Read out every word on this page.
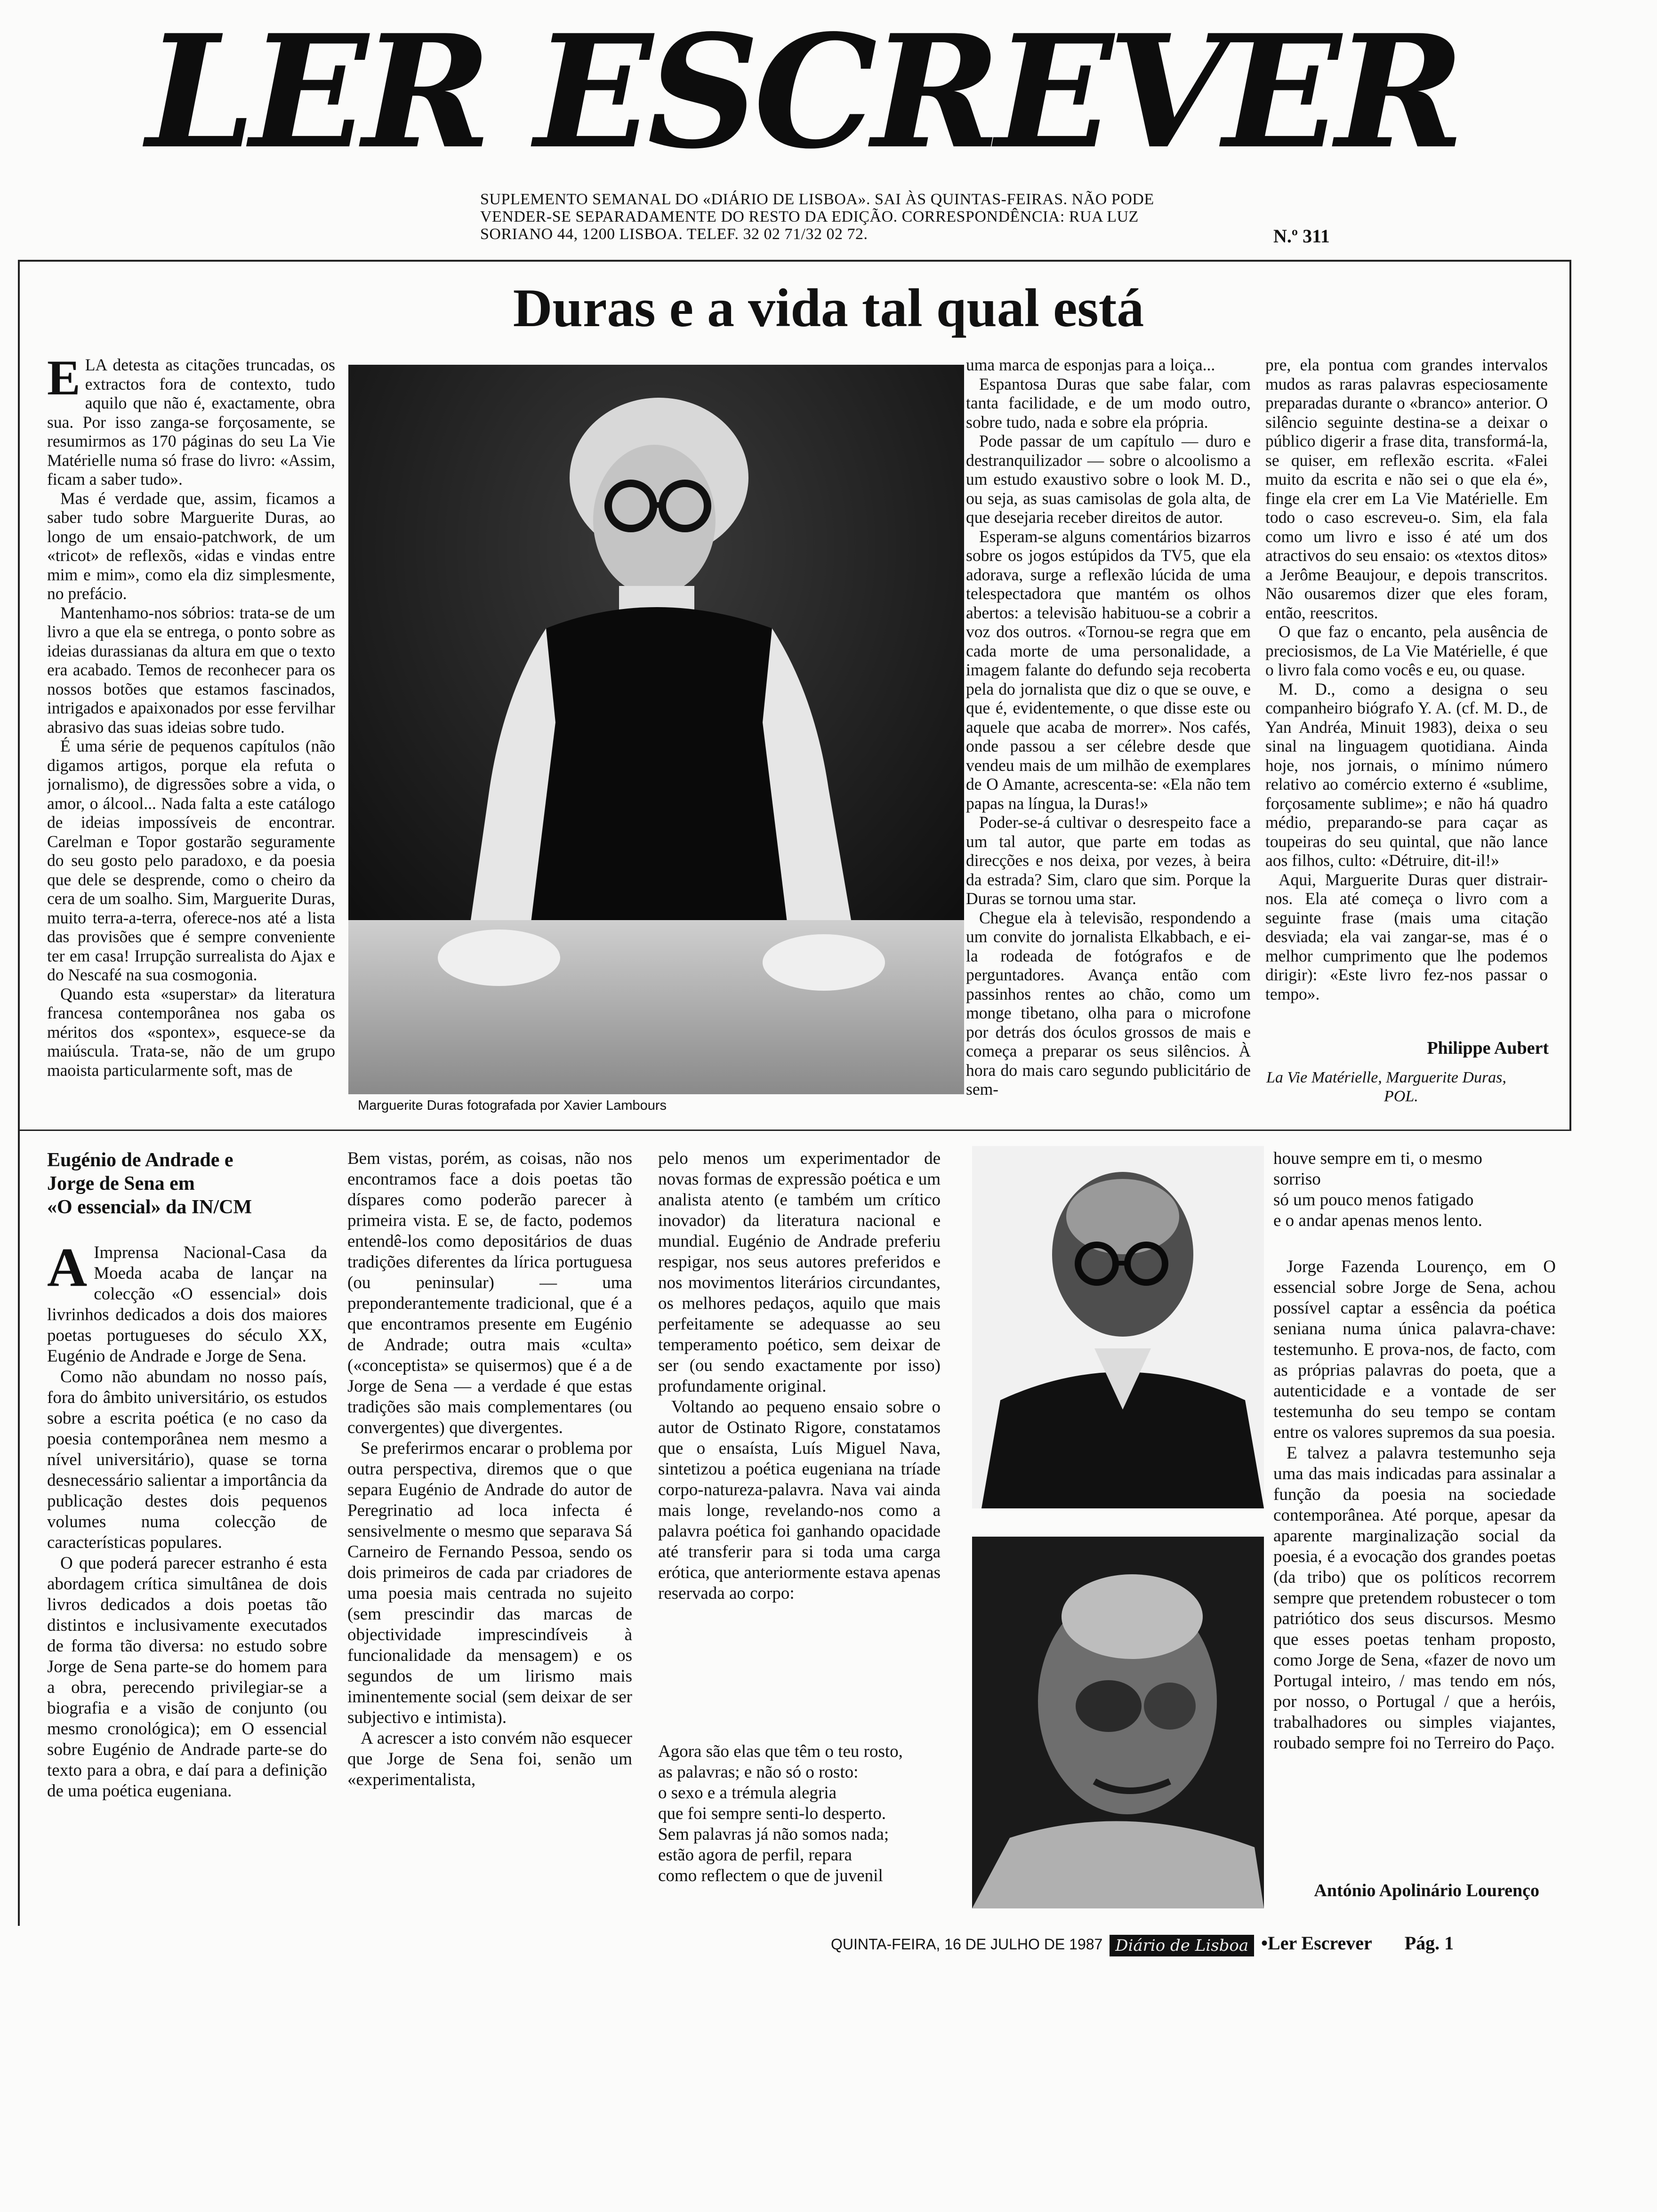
LER ESCREVER
SUPLEMENTO SEMANAL DO «DIÁRIO DE LISBOA». SAI ÀS QUINTAS-FEIRAS. NÃO PODE VENDER-SE SEPARADAMENTE DO RESTO DA EDIÇÃO. CORRESPONDÊNCIA: RUA LUZ SORIANO 44, 1200 LISBOA. TELEF. 32 02 71/32 02 72.	N.º 311
Duras e a vida tal qual está
E LA detesta as citações truncadas, os extractos fora de contexto, tudo aquilo que não é, exactamente, obra sua. Por isso zanga-se forçosamente, se resumirmos as 170 páginas do seu La Vie Matérielle numa só frase do livro: «Assim, ficam a saber tudo».

Mas é verdade que, assim, ficamos a saber tudo sobre Marguerite Duras, ao longo de um ensaio-patchwork, de um «tricot» de reflexõs, «idas e vindas entre mim e mim», como ela diz simplesmente, no prefácio.

Mantenhamo-nos sóbrios: trata-se de um livro a que ela se entrega, o ponto sobre as ideias durassianas da altura em que o texto era acabado. Temos de reconhecer para os nossos botões que estamos fascinados, intrigados e apaixonados por esse fervilhar abrasivo das suas ideias sobre tudo.

É uma série de pequenos capítulos (não digamos artigos, porque ela refuta o jornalismo), de digressões sobre a vida, o amor, o álcool... Nada falta a este catálogo de ideias impossíveis de encontrar. Carelman e Topor gostarão seguramente do seu gosto pelo paradoxo, e da poesia que dele se desprende, como o cheiro da cera de um soalho. Sim, Marguerite Duras, muito terra-a-terra, oferece-nos até a lista das provisões que é sempre conveniente ter em casa! Irrupção surrealista do Ajax e do Nescafé na sua cosmogonia.

Quando esta «superstar» da literatura francesa contemporânea nos gaba os méritos dos «spontex», esquece-se da maiúscula. Trata-se, não de um grupo maoista particularmente soft, mas de

Marguerite Duras fotografada por Xavier Lambours

uma marca de esponjas para a loiça...

Espantosa Duras que sabe falar, com tanta facilidade, e de um modo outro, sobre tudo, nada e sobre ela própria.

Pode passar de um capítulo — duro e destranquilizador — sobre o alcoolismo a um estudo exaustivo sobre o look M. D., ou seja, as suas camisolas de gola alta, de que desejaria receber direitos de autor.

Esperam-se alguns comentários bizarros sobre os jogos estúpidos da TV5, que ela adorava, surge a reflexão lúcida de uma telespectadora que mantém os olhos abertos: a televisão habituou-se a cobrir a voz dos outros. «Tornou-se regra que em cada morte de uma personalidade, a imagem falante do defundo seja recoberta pela do jornalista que diz o que se ouve, e que é, evidentemente, o que disse este ou aquele que acaba de morrer». Nos cafés, onde passou a ser célebre desde que vendeu mais de um milhão de exemplares de O Amante, acrescenta-se: «Ela não tem papas na língua, la Duras!»

Poder-se-á cultivar o desrespeito face a um tal autor, que parte em todas as direcções e nos deixa, por vezes, à beira da estrada? Sim, claro que sim. Porque la Duras se tornou uma star.

Chegue ela à televisão, respondendo a um convite do jornalista Elkabbach, e ei-la rodeada de fotógrafos e de perguntadores. Avança então com passinhos rentes ao chão, como um monge tibetano, olha para o microfone por detrás dos óculos grossos de mais e começa a preparar os seus silêncios. À hora do mais caro segundo publicitário de sem-

pre, ela pontua com grandes intervalos mudos as raras palavras especiosamente preparadas durante o «branco» anterior. O silêncio seguinte destina-se a deixar o público digerir a frase dita, transformá-la, se quiser, em reflexão escrita. «Falei muito da escrita e não sei o que ela é», finge ela crer em La Vie Matérielle. Em todo o caso escreveu-o. Sim, ela fala como um livro e isso é até um dos atractivos do seu ensaio: os «textos ditos» a Jerôme Beaujour, e depois transcritos. Não ousaremos dizer que eles foram, então, reescritos.

O que faz o encanto, pela ausência de preciosismos, de La Vie Matérielle, é que o livro fala como vocês e eu, ou quase.

M. D., como a designa o seu companheiro biógrafo Y. A. (cf. M. D., de Yan Andréa, Minuit 1983), deixa o seu sinal na linguagem quotidiana. Ainda hoje, nos jornais, o mínimo número relativo ao comércio externo é «sublime, forçosamente sublime»; e não há quadro médio, preparando-se para caçar as toupeiras do seu quintal, que não lance aos filhos, culto: «Détruire, dit-il!»

Aqui, Marguerite Duras quer distrair-nos. Ela até começa o livro com a seguinte frase (mais uma citação desviada; ela vai zangar-se, mas é o melhor cumprimento que lhe podemos dirigir): «Este livro fez-nos passar o tempo».

Philippe Aubert
La Vie Matérielle, Marguerite Duras,
POL.
Eugénio de Andrade e
Jorge de Sena em
«O essencial» da IN/CM
A Imprensa Nacional-Casa da Moeda acaba de lançar na colecção «O essencial» dois livrinhos dedicados a dois dos maiores poetas portugueses do século XX, Eugénio de Andrade e Jorge de Sena.

Como não abundam no nosso país, fora do âmbito universitário, os estudos sobre a escrita poética (e no caso da poesia contemporânea nem mesmo a nível universitário), quase se torna desnecessário salientar a importância da publicação destes dois pequenos volumes numa colecção de características populares.

O que poderá parecer estranho é esta abordagem crítica simultânea de dois livros dedicados a dois poetas tão distintos e inclusivamente executados de forma tão diversa: no estudo sobre Jorge de Sena parte-se do homem para a obra, perecendo privilegiar-se a biografia e a visão de conjunto (ou mesmo cronológica); em O essencial sobre Eugénio de Andrade parte-se do texto para a obra, e daí para a definição de uma poética eugeniana.

Bem vistas, porém, as coisas, não nos encontramos face a dois poetas tão díspares como poderão parecer à primeira vista. E se, de facto, podemos entendê-los como depositários de duas tradições diferentes da lírica portuguesa (ou peninsular) — uma preponderantemente tradicional, que é a que encontramos presente em Eugénio de Andrade; outra mais «culta» («conceptista» se quisermos) que é a de Jorge de Sena — a verdade é que estas tradições são mais complementares (ou convergentes) que divergentes.

Se preferirmos encarar o problema por outra perspectiva, diremos que o que separa Eugénio de Andrade do autor de Peregrinatio ad loca infecta é sensivelmente o mesmo que separava Sá Carneiro de Fernando Pessoa, sendo os dois primeiros de cada par criadores de uma poesia mais centrada no sujeito (sem prescindir das marcas de objectividade imprescindíveis à funcionalidade da mensagem) e os segundos de um lirismo mais iminentemente social (sem deixar de ser subjectivo e intimista).

A acrescer a isto convém não esquecer que Jorge de Sena foi, senão um «experimentalista,

pelo menos um experimentador de novas formas de expressão poética e um analista atento (e também um crítico inovador) da literatura nacional e mundial. Eugénio de Andrade preferiu respigar, nos seus autores preferidos e nos movimentos literários circundantes, os melhores pedaços, aquilo que mais perfeitamente se adequasse ao seu temperamento poético, sem deixar de ser (ou sendo exactamente por isso) profundamente original.

Voltando ao pequeno ensaio sobre o autor de Ostinato Rigore, constatamos que o ensaísta, Luís Miguel Nava, sintetizou a poética eugeniana na tríade corpo-natureza-palavra. Nava vai ainda mais longe, revelando-nos como a palavra poética foi ganhando opacidade até transferir para si toda uma carga erótica, que anteriormente estava apenas reservada ao corpo:

Agora são elas que têm o teu rosto,
as palavras; e não só o rosto:
o sexo e a trémula alegria
que foi sempre senti-lo desperto.
Sem palavras já não somos nada;
estão agora de perfil, repara
como reflectem o que de juvenil
houve sempre em ti, o mesmo
sorriso
só um pouco menos fatigado
e o andar apenas menos lento.

Jorge Fazenda Lourenço, em O essencial sobre Jorge de Sena, achou possível captar a essência da poética seniana numa única palavra-chave: testemunho. E prova-nos, de facto, com as próprias palavras do poeta, que a autenticidade e a vontade de ser testemunha do seu tempo se contam entre os valores supremos da sua poesia.

E talvez a palavra testemunho seja uma das mais indicadas para assinalar a função da poesia na sociedade contemporânea. Até porque, apesar da aparente marginalização social da poesia, é a evocação dos grandes poetas (da tribo) que os políticos recorrem sempre que pretendem robustecer o tom patriótico dos seus discursos. Mesmo que esses poetas tenham proposto, como Jorge de Sena, «fazer de novo um Portugal inteiro, / mas tendo em nós, por nosso, o Portugal / que a heróis, trabalhadores ou simples viajantes, roubado sempre foi no Terreiro do Paço.

António Apolinário Lourenço
QUINTA-FEIRA, 16 DE JULHO DE 1987 Diário de Lisboa •Ler Escrever Pág. 1
